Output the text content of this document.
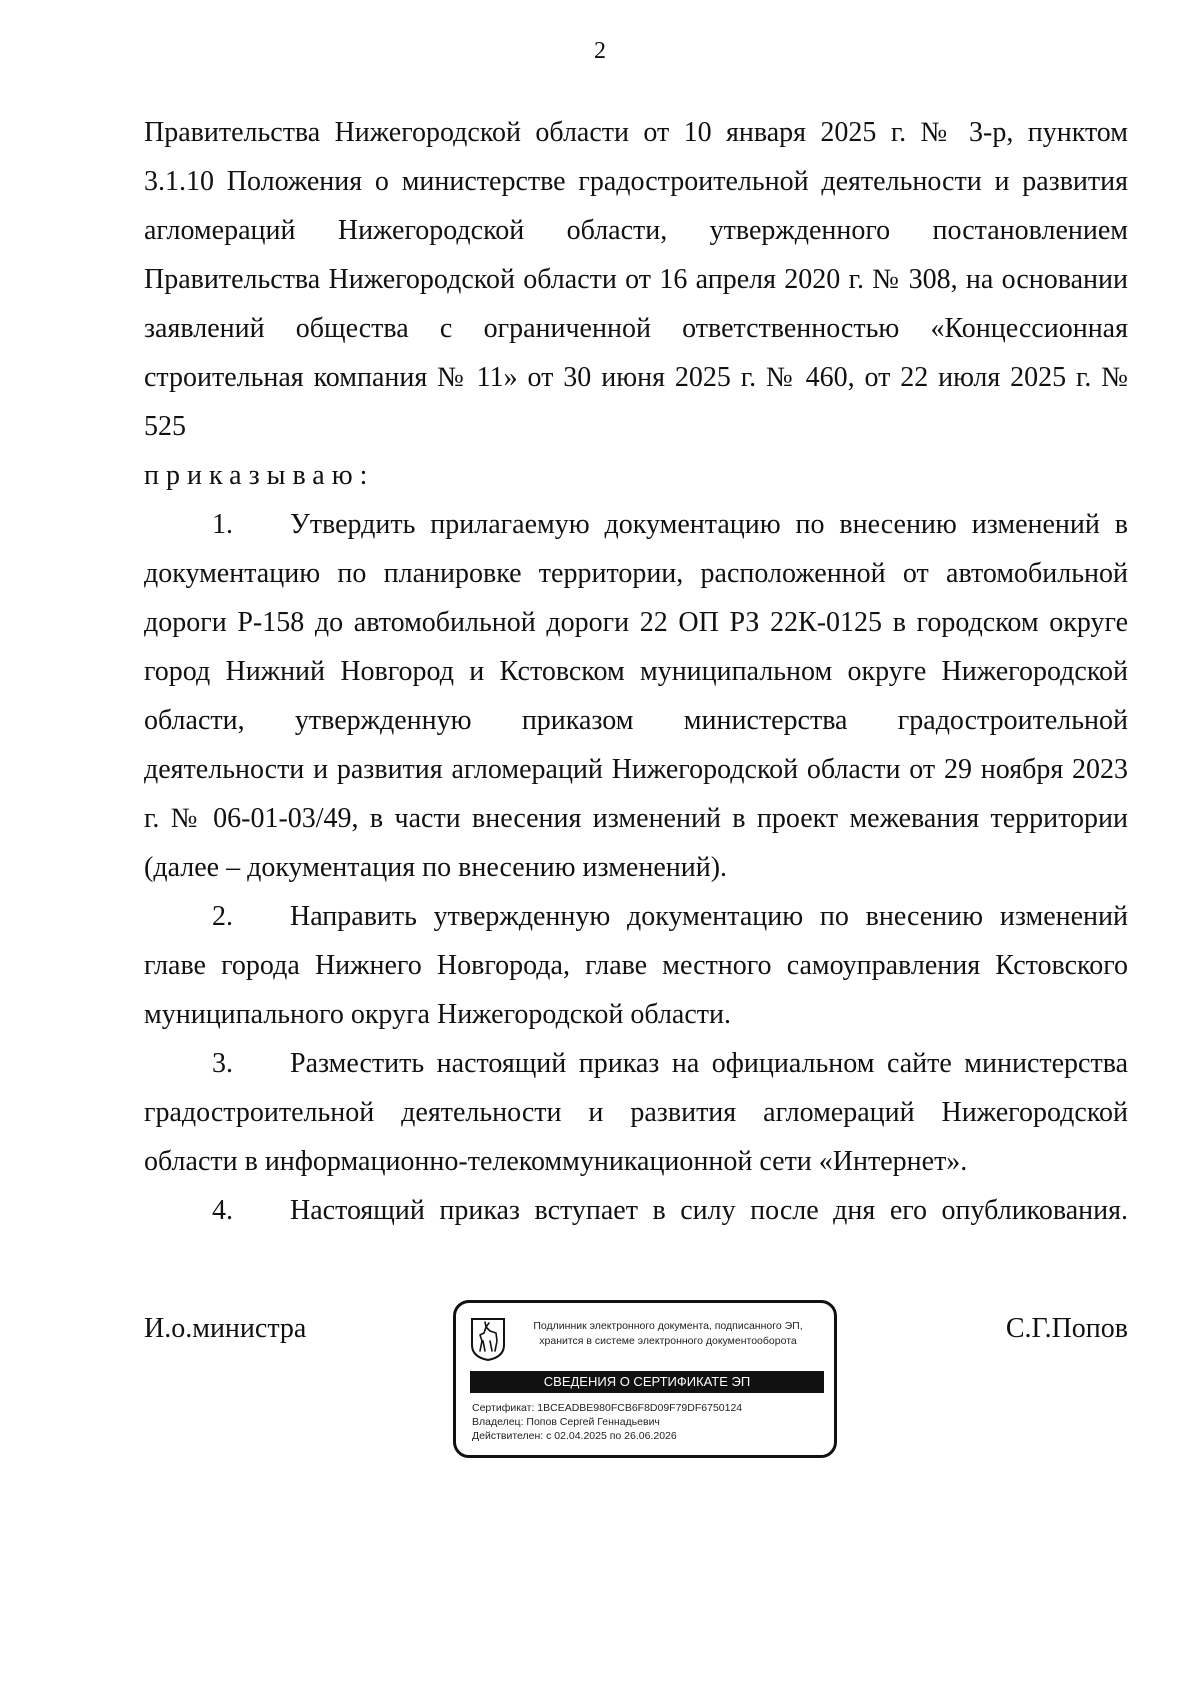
2
Правительства Нижегородской области от 10 января 2025 г. № 3-р, пунктом
3.1.10 Положения о министерстве градостроительной деятельности и развития
агломераций Нижегородской области, утвержденного постановлением
Правительства Нижегородской области от 16 апреля 2020 г. № 308, на основании
заявлений общества с ограниченной ответственностью «Концессионная
строительная компания № 11» от 30 июня 2025 г. № 460, от 22 июля 2025 г. №
525
приказываю:
1. Утвердить прилагаемую документацию по внесению изменений в
документацию по планировке территории, расположенной от автомобильной
дороги Р-158 до автомобильной дороги 22 ОП РЗ 22К-0125 в городском округе
город Нижний Новгород и Кстовском муниципальном округе Нижегородской
области, утвержденную приказом министерства градостроительной
деятельности и развития агломераций Нижегородской области от 29 ноября 2023
г. № 06-01-03/49, в части внесения изменений в проект межевания территории
(далее – документация по внесению изменений).
2. Направить утвержденную документацию по внесению изменений
главе города Нижнего Новгорода, главе местного самоуправления Кстовского
муниципального округа Нижегородской области.
3. Разместить настоящий приказ на официальном сайте министерства
градостроительной деятельности и развития агломераций Нижегородской
области в информационно-телекоммуникационной сети «Интернет».
4. Настоящий приказ вступает в силу после дня его опубликования.
И.о.министра	С.Г.Попов
Подлинник электронного документа, подписанного ЭП,
хранится в системе электронного документооборота
СВЕДЕНИЯ О СЕРТИФИКАТЕ ЭП
Сертификат: 1BCEADBE980FCB6F8D09F79DF6750124
Владелец: Попов Сергей Геннадьевич
Действителен: с 02.04.2025 по 26.06.2026
